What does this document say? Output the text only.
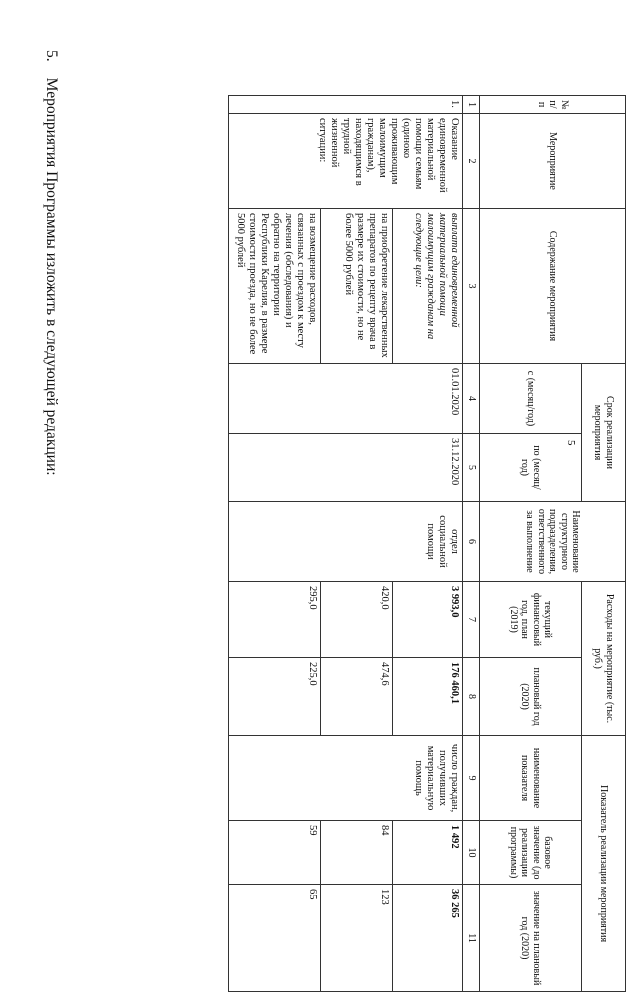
5.Мероприятия Программы изложить в следующей редакции:	5
№ п/ п	Мероприятие	Содержание мероприятия	Срок реализации мероприятия		Наименование структурного подразделения, ответственного за выполнение	Расходы на мероприятие (тыс. руб.)		Показатель реализации мероприятия		
			с (месяц/год)	по (месяц/год)		текущий финансовый год, план (2019)	плановый год (2020)	наименование показателя	базовое значение (до реализации программы)	значение на плановый год (2020)
1	2	3	4	5	6	7	8	9	10	11
1.	Оказание единовременной материальной помощи семьям (одиноко проживающим малоимущим гражданам), находящимся в трудной жизненной ситуации:	выплата единовременной материальной помощи малоимущим гражданам на следующие цели:	01.01.2020	31.12.2020	отдел социальной помощи	3 993,0	176 460,1	число граждан, получивших материальную помощь	1 492	36 265
		на приобретение лекарственных препаратов по рецепту врача в размере их стоимости, но не более 5000 рублей				420,0	474,6		84	123
		на возмещение расходов, связанных с проездом к месту лечения (обследования) и обратно на территории Республики Карелия, в размере стоимости проезда, но не более 5000 рублей				295,0	225,0		59	65
